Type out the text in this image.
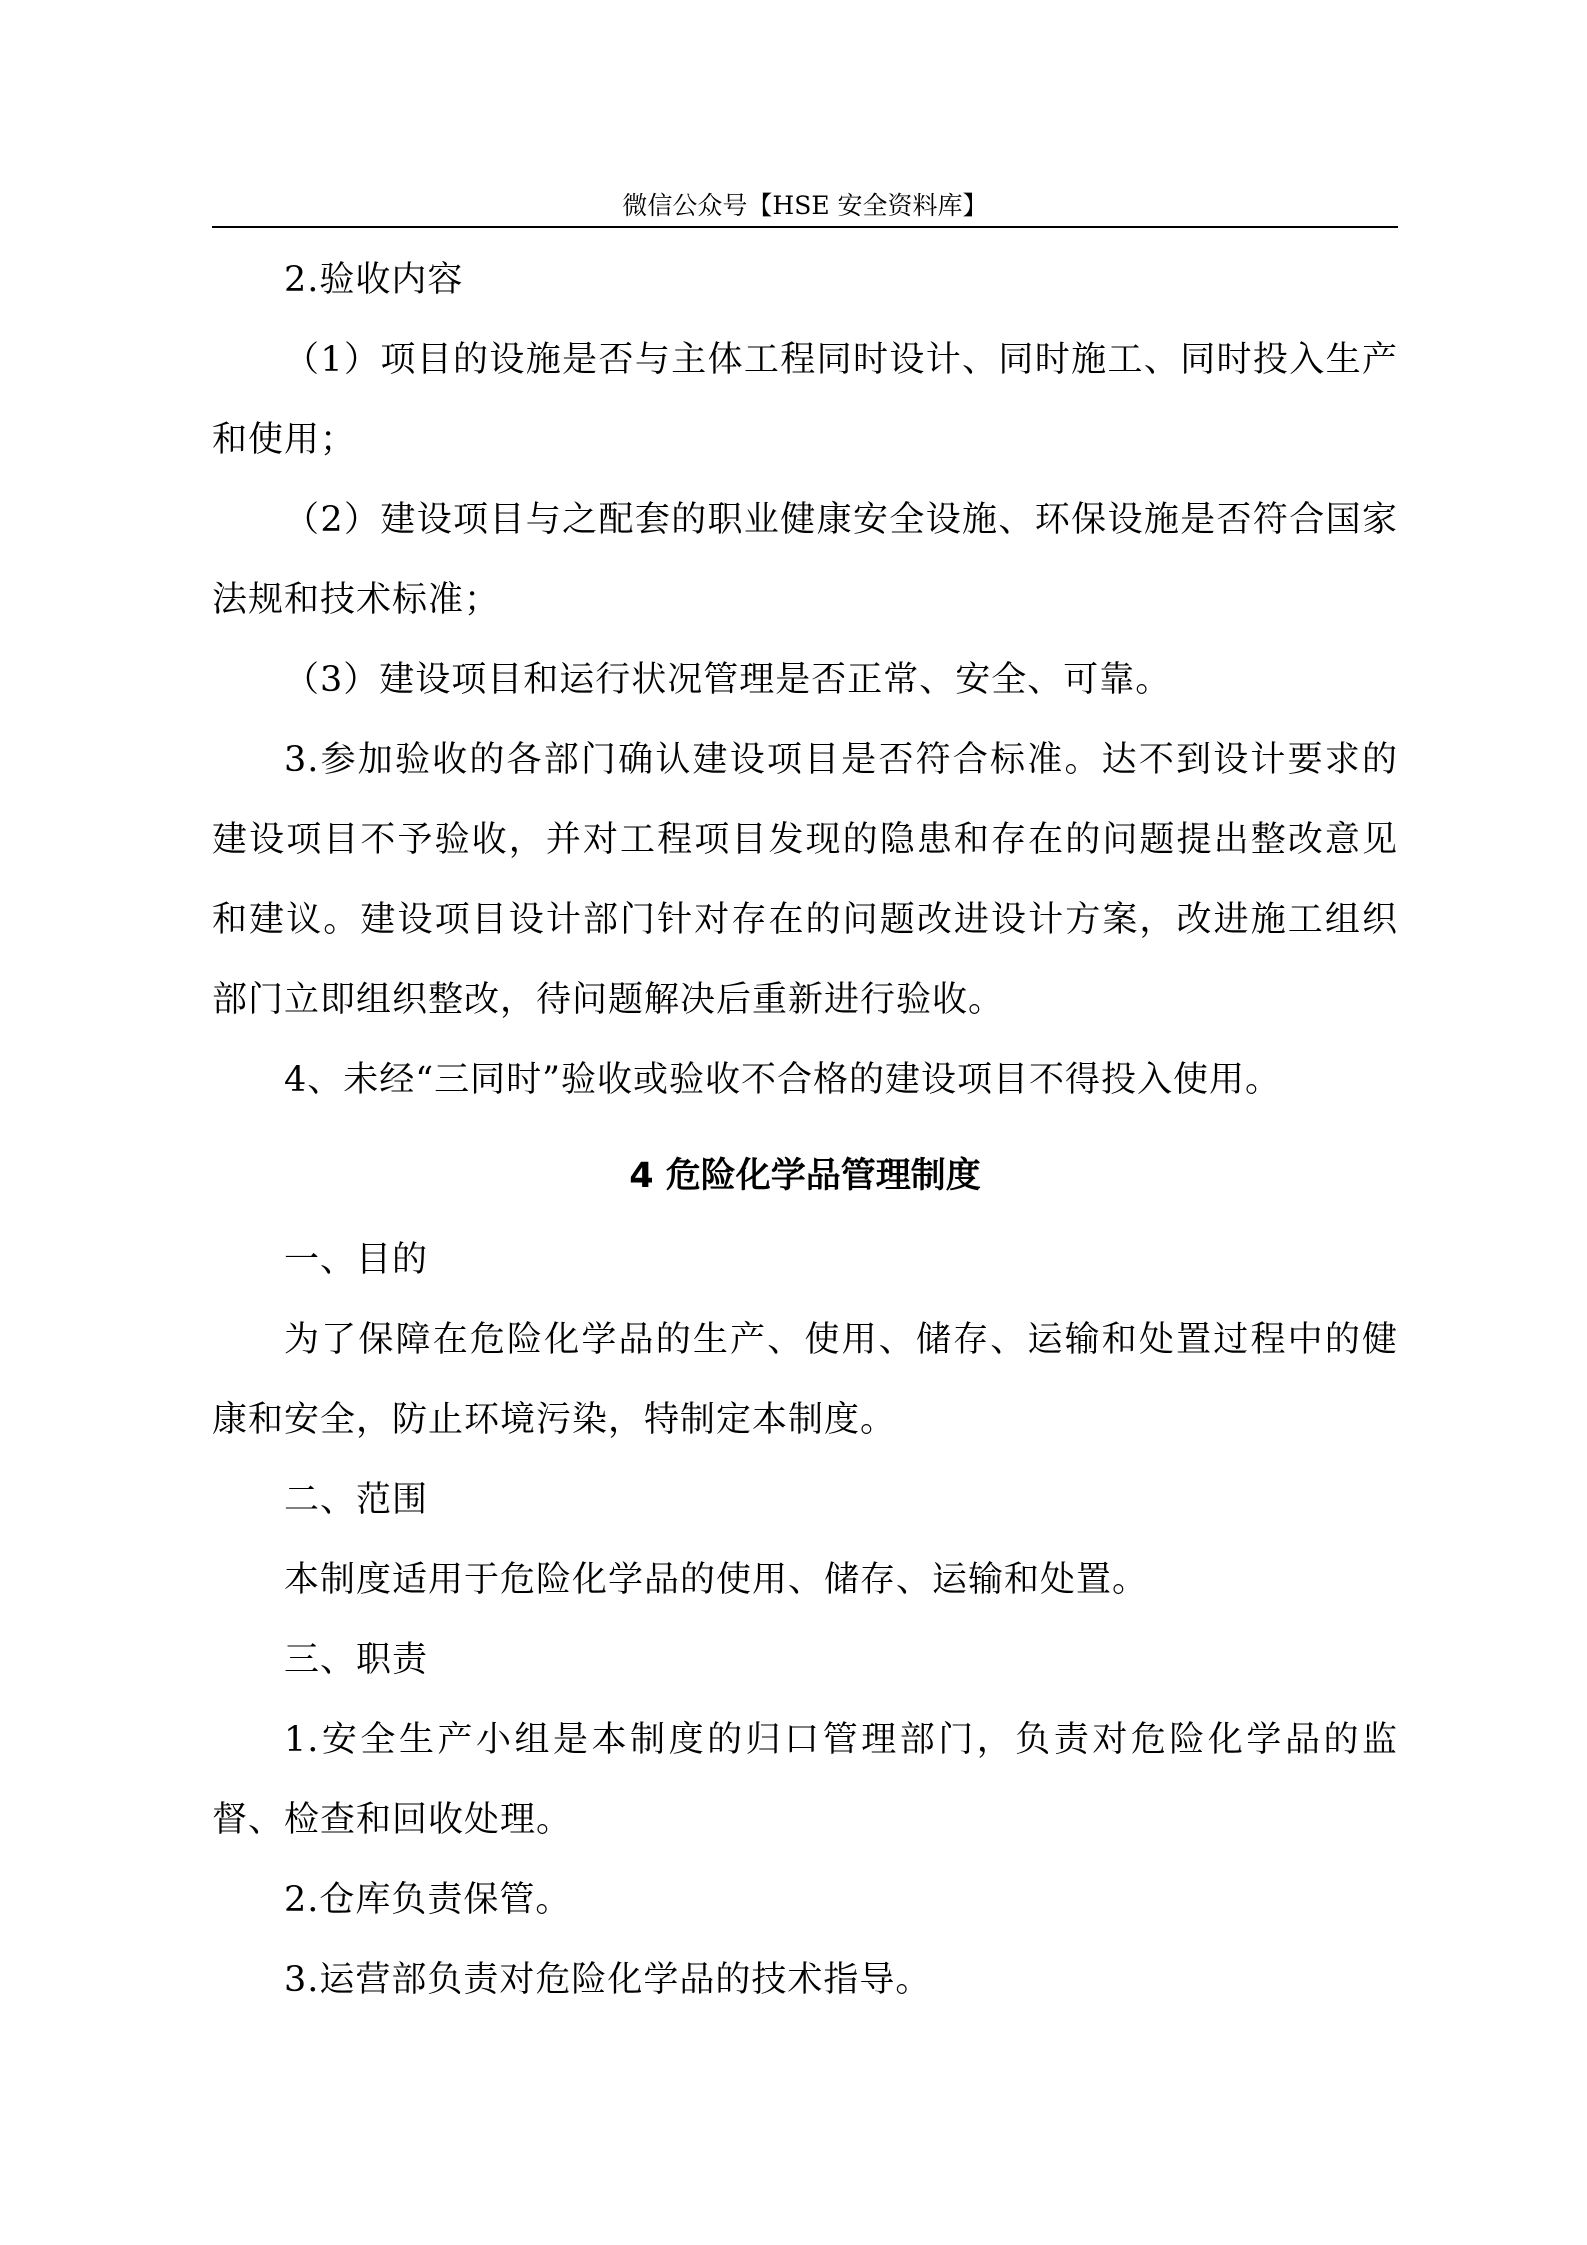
微信公众号【HSE 安全资料库】

2.验收内容

（1）项目的设施是否与主体工程同时设计、同时施工、同时投入生产和使用；

（2）建设项目与之配套的职业健康安全设施、环保设施是否符合国家法规和技术标准；

（3）建设项目和运行状况管理是否正常、安全、可靠。

3.参加验收的各部门确认建设项目是否符合标准。达不到设计要求的建设项目不予验收，并对工程项目发现的隐患和存在的问题提出整改意见和建议。建设项目设计部门针对存在的问题改进设计方案，改进施工组织部门立即组织整改，待问题解决后重新进行验收。

4、未经“三同时”验收或验收不合格的建设项目不得投入使用。

4 危险化学品管理制度

一、目的

为了保障在危险化学品的生产、使用、储存、运输和处置过程中的健康和安全，防止环境污染，特制定本制度。

二、范围

本制度适用于危险化学品的使用、储存、运输和处置。

三、职责

1.安全生产小组是本制度的归口管理部门，负责对危险化学品的监督、检查和回收处理。

2.仓库负责保管。

3.运营部负责对危险化学品的技术指导。
